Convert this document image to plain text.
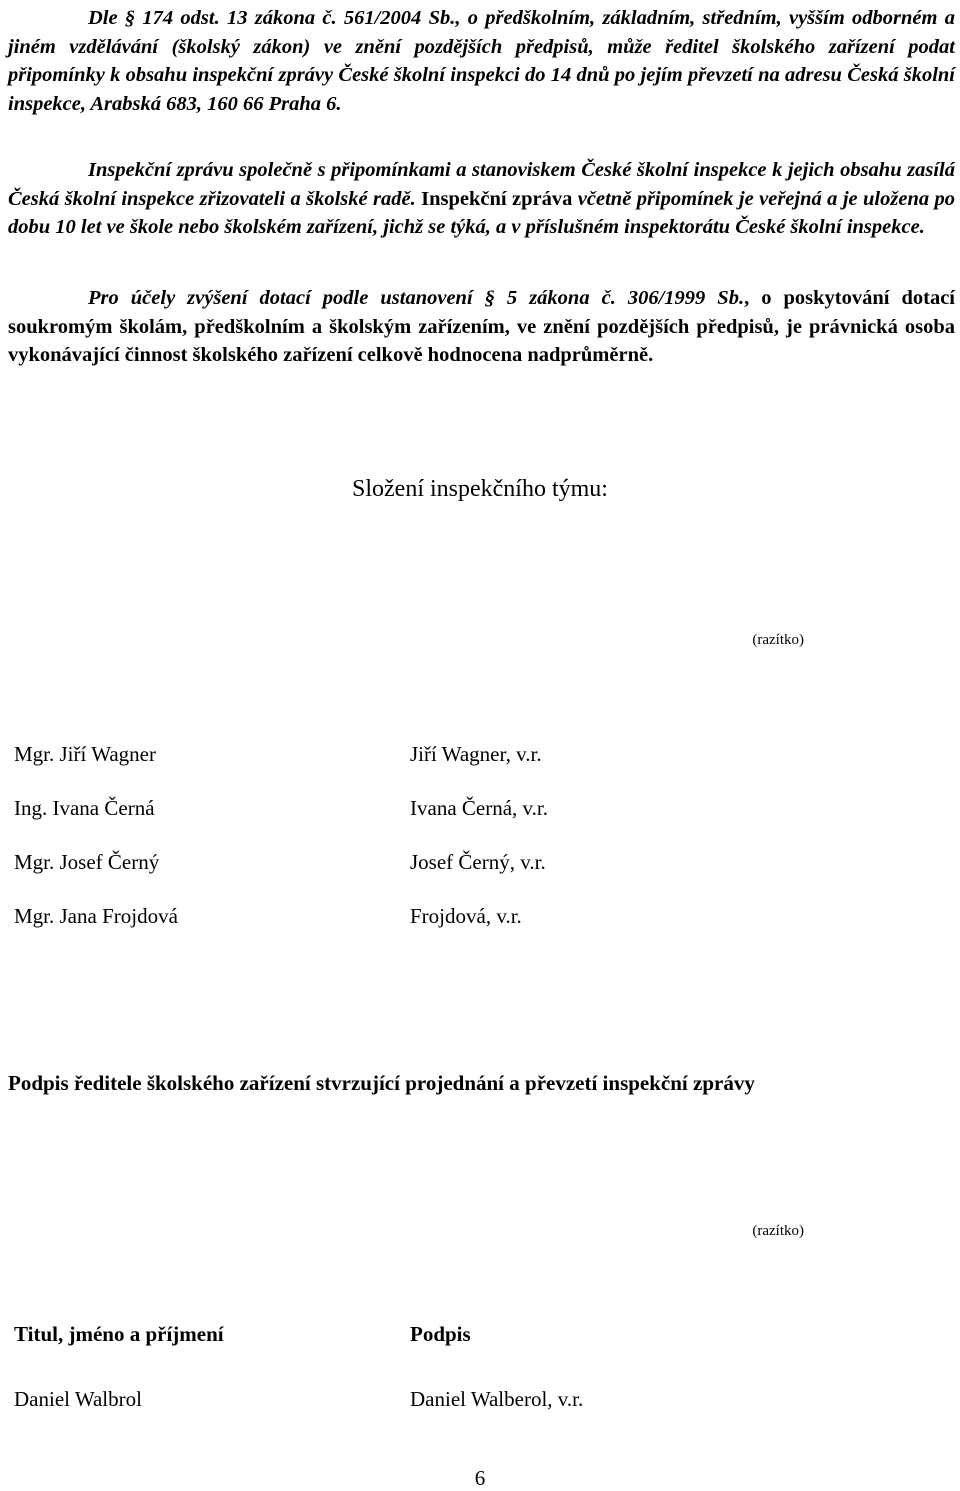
Dle § 174 odst. 13 zákona č. 561/2004 Sb., o předškolním, základním, středním, vyšším odborném a jiném vzdělávání (školský zákon) ve znění pozdějších předpisů, může ředitel školského zařízení podat připomínky k obsahu inspekční zprávy České školní inspekci do 14 dnů po jejím převzetí na adresu Česká školní inspekce, Arabská 683, 160 66 Praha 6.

Inspekční zprávu společně s připomínkami a stanoviskem České školní inspekce k jejich obsahu zasílá Česká školní inspekce zřizovateli a školské radě. Inspekční zpráva včetně připomínek je veřejná a je uložena po dobu 10 let ve škole nebo školském zařízení, jichž se týká, a v příslušném inspektorátu České školní inspekce.

Pro účely zvýšení dotací podle ustanovení § 5 zákona č. 306/1999 Sb., o poskytování dotací soukromým školám, předškolním a školským zařízením, ve znění pozdějších předpisů, je právnická osoba vykonávající činnost školského zařízení celkově hodnocena nadprůměrně.

Složení inspekčního týmu:
(razítko)
Mgr. Jiří Wagner	Jiří Wagner, v.r.
Ing. Ivana Černá	Ivana Černá, v.r.
Mgr. Josef Černý	Josef Černý, v.r.
Mgr. Jana Frojdová	Frojdová, v.r.
Podpis ředitele školského zařízení stvrzující projednání a převzetí inspekční zprávy
(razítko)
Titul, jméno a příjmení	Podpis
Daniel Walbrol	Daniel Walberol, v.r.
6
